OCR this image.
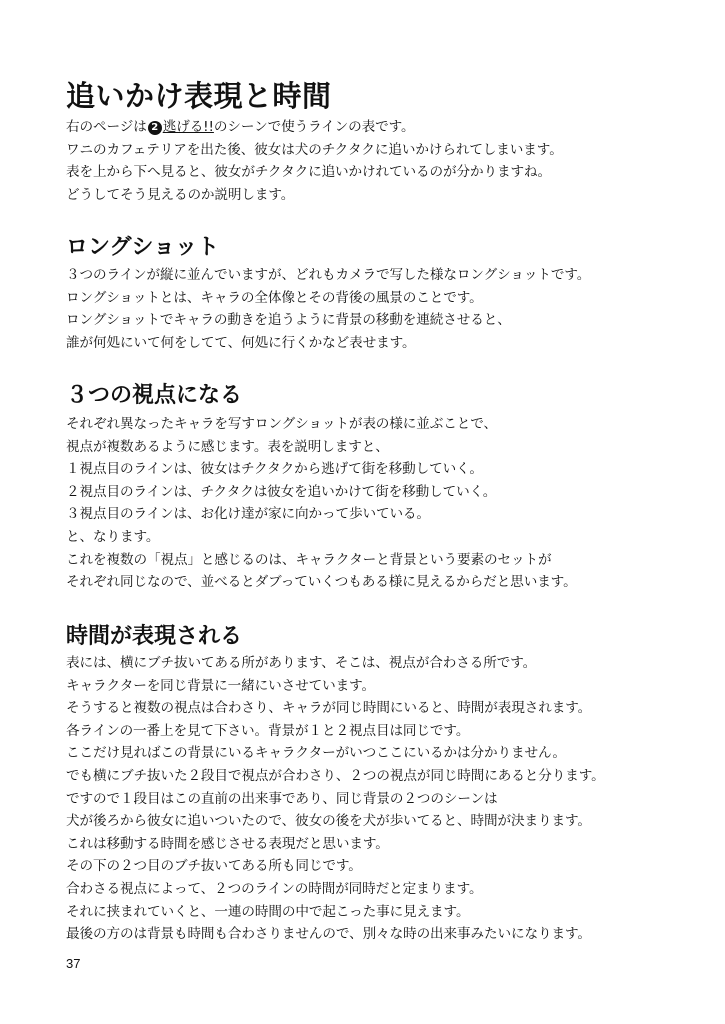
追いかけ表現と時間
右のページは 2 逃げる!!のシーンで使うラインの表です。
ワニのカフェテリアを出た後、彼女は犬のチクタクに追いかけられてしまいます。
表を上から下へ見ると、彼女がチクタクに追いかけれているのが分かりますね。
どうしてそう見えるのか説明します。
ロングショット
３つのラインが縦に並んでいますが、どれもカメラで写した様なロングショットです。
ロングショットとは、キャラの全体像とその背後の風景のことです。
ロングショットでキャラの動きを追うように背景の移動を連続させると、
誰が何処にいて何をしてて、何処に行くかなど表せます。
３つの視点になる
それぞれ異なったキャラを写すロングショットが表の様に並ぶことで、
視点が複数あるように感じます。表を説明しますと、
１視点目のラインは、彼女はチクタクから逃げて街を移動していく。
２視点目のラインは、チクタクは彼女を追いかけて街を移動していく。
３視点目のラインは、お化け達が家に向かって歩いている。
と、なります。
これを複数の「視点」と感じるのは、キャラクターと背景という要素のセットが
それぞれ同じなので、並べるとダブっていくつもある様に見えるからだと思います。
時間が表現される
表には、横にブチ抜いてある所があります、そこは、視点が合わさる所です。
キャラクターを同じ背景に一緒にいさせています。
そうすると複数の視点は合わさり、キャラが同じ時間にいると、時間が表現されます。
各ラインの一番上を見て下さい。背景が１と２視点目は同じです。
ここだけ見ればこの背景にいるキャラクターがいつここにいるかは分かりません。
でも横にブチ抜いた２段目で視点が合わさり、２つの視点が同じ時間にあると分ります。
ですので１段目はこの直前の出来事であり、同じ背景の２つのシーンは
犬が後ろから彼女に追いついたので、彼女の後を犬が歩いてると、時間が決まります。
これは移動する時間を感じさせる表現だと思います。
その下の２つ目のブチ抜いてある所も同じです。
合わさる視点によって、２つのラインの時間が同時だと定まります。
それに挟まれていくと、一連の時間の中で起こった事に見えます。
最後の方のは背景も時間も合わさりませんので、別々な時の出来事みたいになります。
37
